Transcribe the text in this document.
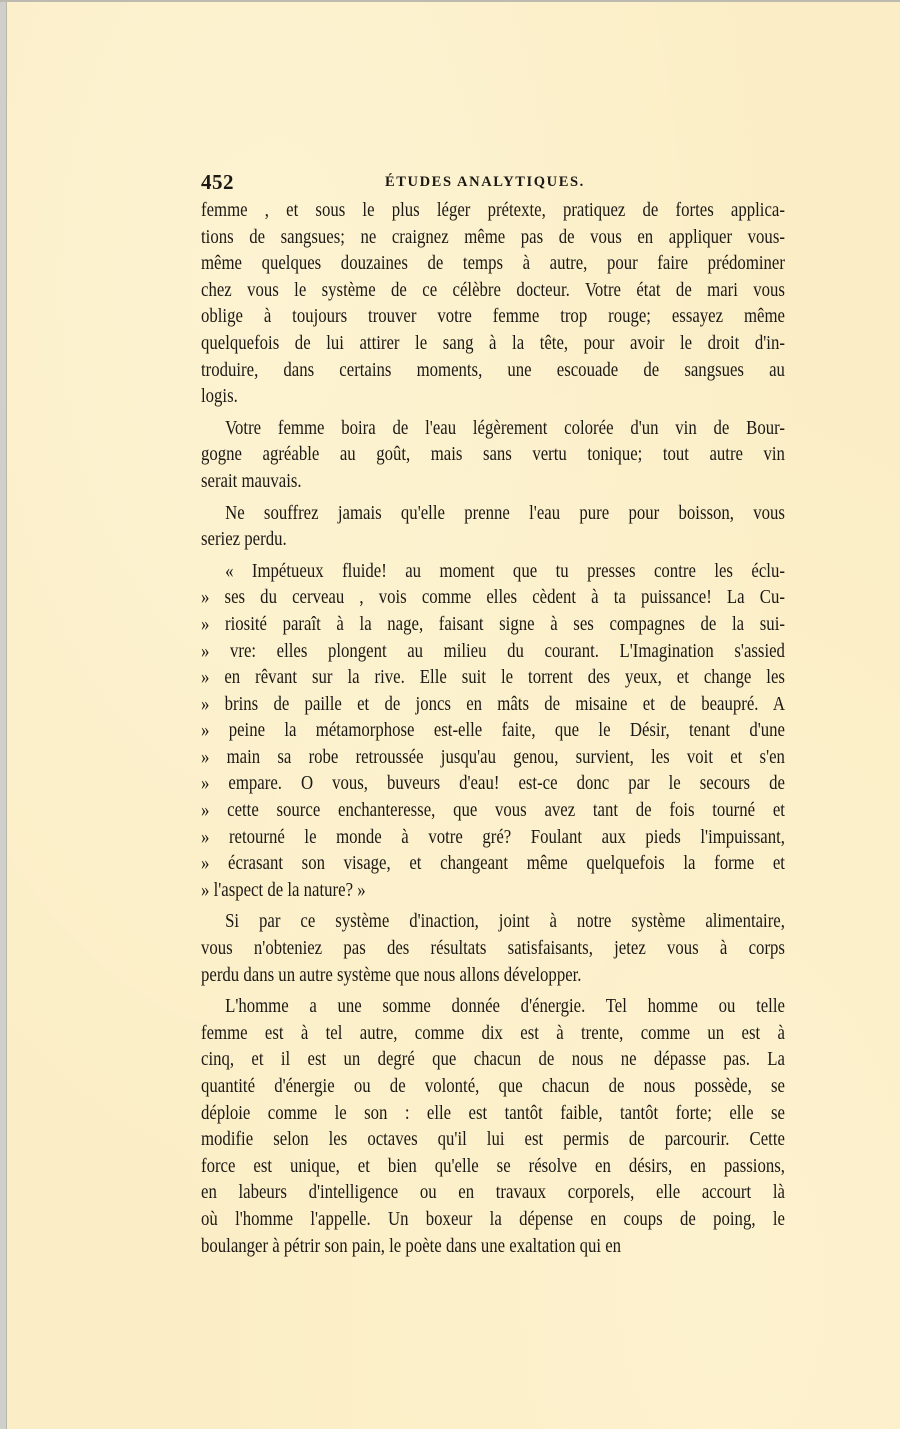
452	ÉTUDES ANALYTIQUES.
femme , et sous le plus léger prétexte, pratiquez de fortes applica-
tions de sangsues; ne craignez même pas de vous en appliquer vous-
même quelques douzaines de temps à autre, pour faire prédominer
chez vous le système de ce célèbre docteur. Votre état de mari vous
oblige à toujours trouver votre femme trop rouge; essayez même
quelquefois de lui attirer le sang à la tête, pour avoir le droit d'in-
troduire, dans certains moments, une escouade de sangsues au
logis.
Votre femme boira de l'eau légèrement colorée d'un vin de Bour-
gogne agréable au goût, mais sans vertu tonique; tout autre vin
serait mauvais.
Ne souffrez jamais qu'elle prenne l'eau pure pour boisson, vous
seriez perdu.
« Impétueux fluide! au moment que tu presses contre les éclu-
» ses du cerveau , vois comme elles cèdent à ta puissance! La Cu-
» riosité paraît à la nage, faisant signe à ses compagnes de la sui-
» vre: elles plongent au milieu du courant. L'Imagination s'assied
» en rêvant sur la rive. Elle suit le torrent des yeux, et change les
» brins de paille et de joncs en mâts de misaine et de beaupré. A
» peine la métamorphose est-elle faite, que le Désir, tenant d'une
» main sa robe retroussée jusqu'au genou, survient, les voit et s'en
» empare. O vous, buveurs d'eau! est-ce donc par le secours de
» cette source enchanteresse, que vous avez tant de fois tourné et
» retourné le monde à votre gré? Foulant aux pieds l'impuissant,
» écrasant son visage, et changeant même quelquefois la forme et
» l'aspect de la nature? »
Si par ce système d'inaction, joint à notre système alimentaire,
vous n'obteniez pas des résultats satisfaisants, jetez vous à corps
perdu dans un autre système que nous allons développer.
L'homme a une somme donnée d'énergie. Tel homme ou telle
femme est à tel autre, comme dix est à trente, comme un est à
cinq, et il est un degré que chacun de nous ne dépasse pas. La
quantité d'énergie ou de volonté, que chacun de nous possède, se
déploie comme le son : elle est tantôt faible, tantôt forte; elle se
modifie selon les octaves qu'il lui est permis de parcourir. Cette
force est unique, et bien qu'elle se résolve en désirs, en passions,
en labeurs d'intelligence ou en travaux corporels, elle accourt là
où l'homme l'appelle. Un boxeur la dépense en coups de poing, le
boulanger à pétrir son pain, le poète dans une exaltation qui en
